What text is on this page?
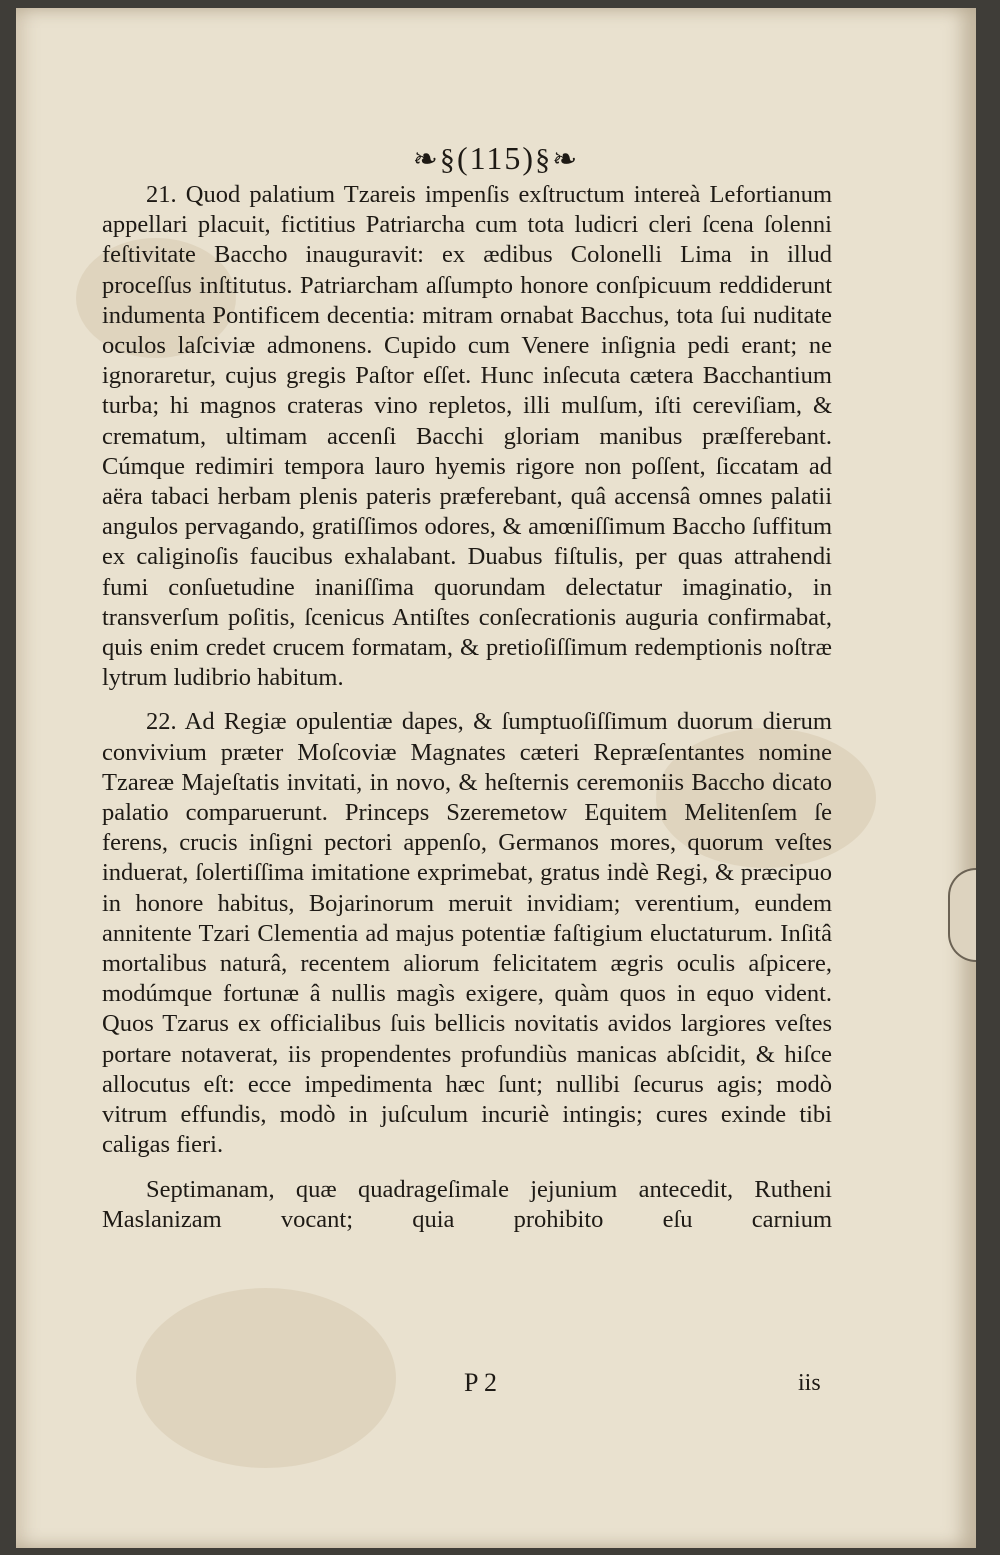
❧§(115)§❧

21. Quod palatium Tzareis impenſis exſtructum intereà Lefortianum appellari placuit, fictitius Patriarcha cum tota ludicri cleri ſcena ſolenni feſtivitate Baccho inauguravit: ex ædibus Colonelli Lima in illud proceſſus inſtitutus. Patriarcham aſſumpto honore conſpicuum reddiderunt indumenta Pontificem decentia: mitram ornabat Bacchus, tota ſui nuditate oculos laſciviæ admonens. Cupido cum Venere inſignia pedi erant; ne ignoraretur, cujus gregis Paſtor eſſet. Hunc inſecuta cætera Bacchantium turba; hi magnos crateras vino repletos, illi mulſum, iſti cereviſiam, & crematum, ultimam accenſi Bacchi gloriam manibus præſferebant. Cúmque redimiri tempora lauro hyemis rigore non poſſent, ſiccatam ad aëra tabaci herbam plenis pateris præferebant, quâ accensâ omnes palatii angulos pervagando, gratiſſimos odores, & amœniſſimum Baccho ſuffitum ex caliginoſis faucibus exhalabant. Duabus fiſtulis, per quas attrahendi fumi conſuetudine inaniſſima quorundam delectatur imaginatio, in transverſum poſitis, ſcenicus Antiſtes conſecrationis auguria confirmabat, quis enim credet crucem formatam, & pretioſiſſimum redemptionis noſtræ lytrum ludibrio habitum.

22. Ad Regiæ opulentiæ dapes, & ſumptuoſiſſimum duorum dierum convivium præter Moſcoviæ Magnates cæteri Repræſentantes nomine Tzareæ Majeſtatis invitati, in novo, & heſternis ceremoniis Baccho dicato palatio comparuerunt. Princeps Szeremetow Equitem Melitenſem ſe ferens, crucis inſigni pectori appenſo, Germanos mores, quorum veſtes induerat, ſolertiſſima imitatione exprimebat, gratus indè Regi, & præcipuo in honore habitus, Bojarinorum meruit invidiam; verentium, eundem annitente Tzari Clementia ad majus potentiæ faſtigium eluctaturum. Inſitâ mortalibus naturâ, recentem aliorum felicitatem ægris oculis aſpicere, modúmque fortunæ â nullis magìs exigere, quàm quos in equo vident. Quos Tzarus ex officialibus ſuis bellicis novitatis avidos largiores veſtes portare notaverat, iis propendentes profundiùs manicas abſcidit, & hiſce allocutus eſt: ecce impedimenta hæc ſunt; nullibi ſecurus agis; modò vitrum effundis, modò in juſculum incuriè intingis; cures exinde tibi caligas fieri.

Septimanam, quæ quadrageſimale jejunium antecedit, Rutheni Maslanizam vocant; quia prohibito eſu carnium

P 2	iis
